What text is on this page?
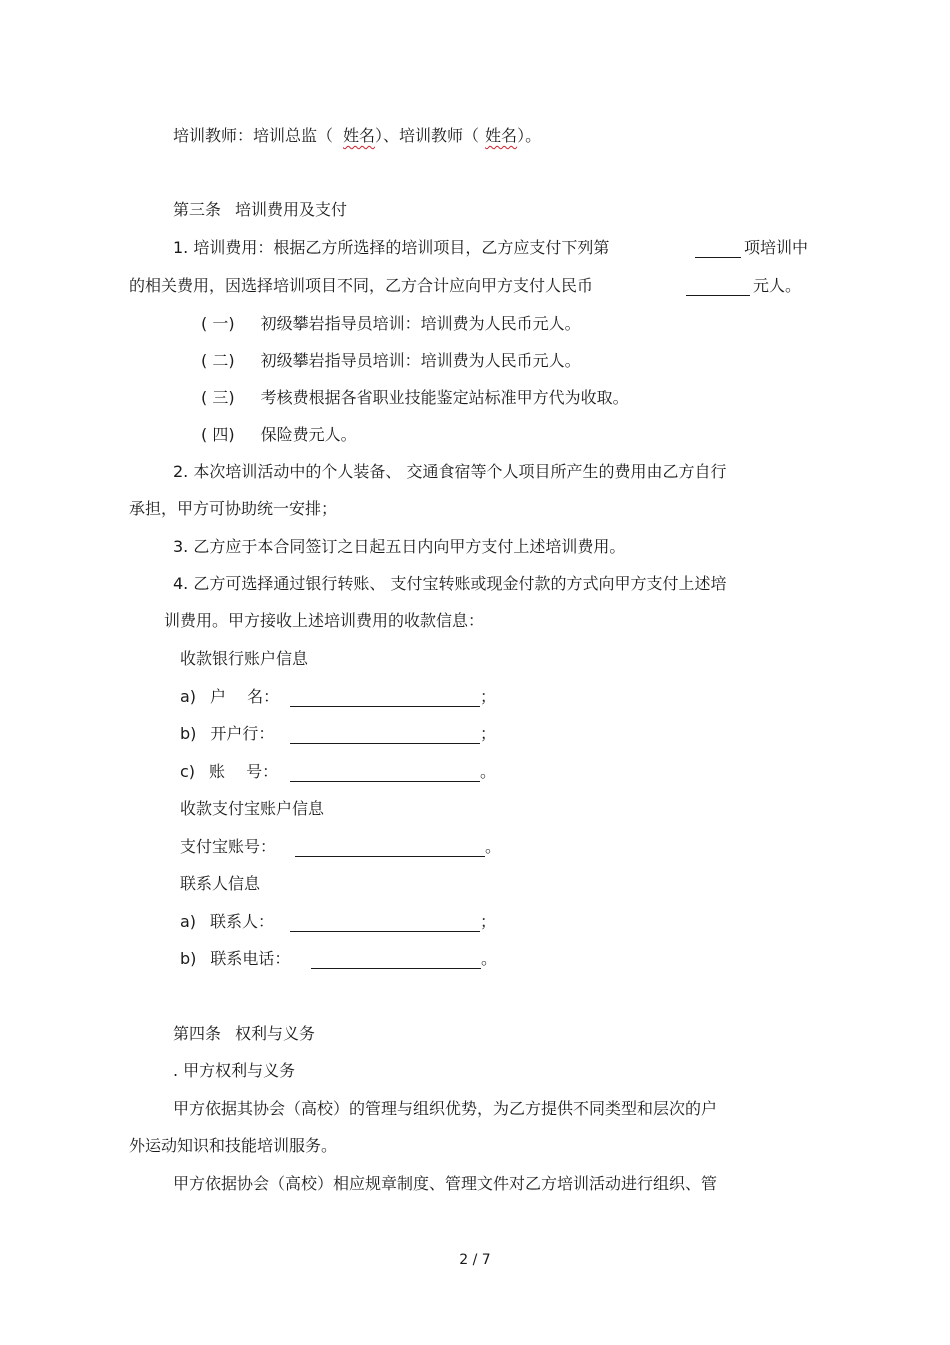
培训教师：培训总监（ 姓名）、培训教师（ 姓名）。
第三条 培训费用及支付
1. 培训费用：根据乙方所选择的培训项目，乙方应支付下列第	项培训中
的相关费用，因选择培训项目不同，乙方合计应向甲方支付人民币	元人。
( 一) 初级攀岩指导员培训：培训费为人民币元人。
( 二) 初级攀岩指导员培训：培训费为人民币元人。
( 三) 考核费根据各省职业技能鉴定站标准甲方代为收取。
( 四) 保险费元人。
2. 本次培训活动中的个人装备、 交通食宿等个人项目所产生的费用由乙方自行
承担，甲方可协助统一安排；
3. 乙方应于本合同签订之日起五日内向甲方支付上述培训费用。
4. 乙方可选择通过银行转账、 支付宝转账或现金付款的方式向甲方支付上述培
训费用。甲方接收上述培训费用的收款信息：
收款银行账户信息
a) 户　 名：	；
b) 开户行：	；
c) 账　 号：	。
收款支付宝账户信息
支付宝账号：	。
联系人信息
a) 联系人：	；
b) 联系电话：	。
第四条 权利与义务
. 甲方权利与义务
甲方依据其协会（高校）的管理与组织优势，为乙方提供不同类型和层次的户
外运动知识和技能培训服务。
甲方依据协会（高校）相应规章制度、管理文件对乙方培训活动进行组织、管
2 / 7
